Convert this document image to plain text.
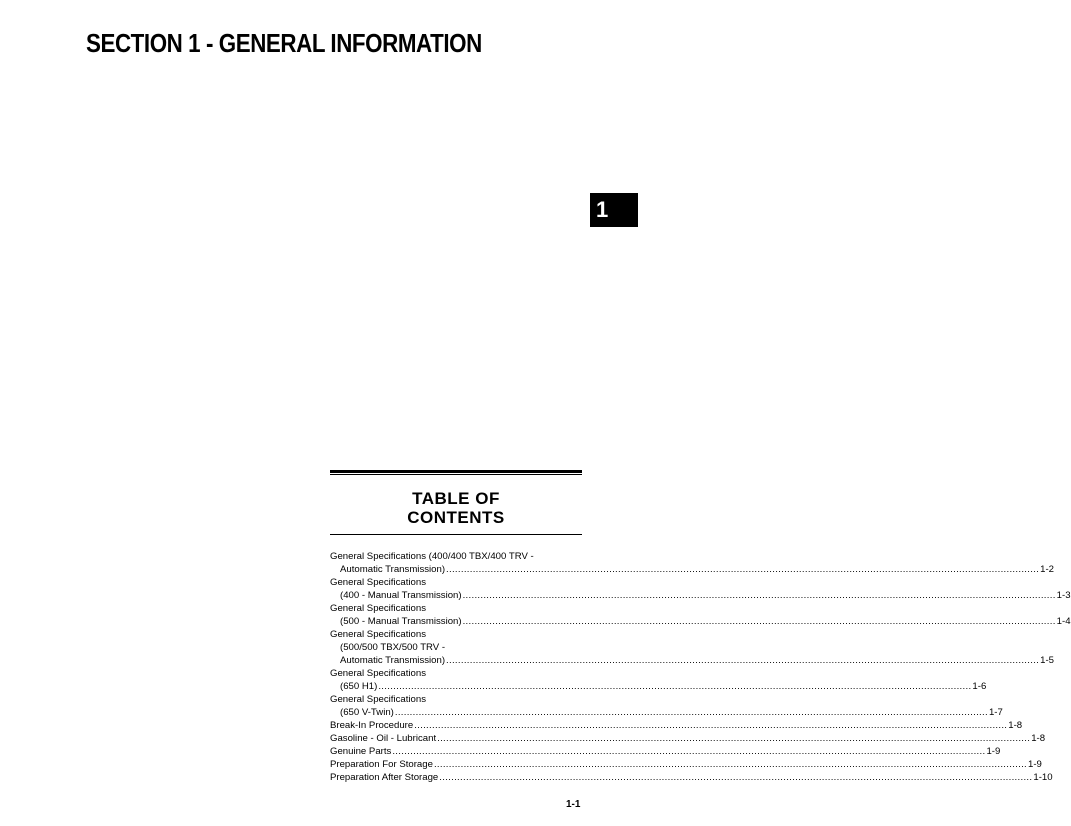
SECTION 1 - GENERAL INFORMATION
1
TABLE OF
CONTENTS
General Specifications (400/400 TBX/400 TRV -
Automatic Transmission) ........................................................................................................................................................................................................ 1-2
General Specifications
(400 - Manual Transmission) ........................................................................................................................................................................................................ 1-3
General Specifications
(500 - Manual Transmission) ........................................................................................................................................................................................................ 1-4
General Specifications
(500/500 TBX/500 TRV -
Automatic Transmission) ........................................................................................................................................................................................................ 1-5
General Specifications
(650 H1) ........................................................................................................................................................................................................ 1-6
General Specifications
(650 V-Twin) ........................................................................................................................................................................................................ 1-7
Break-In Procedure ........................................................................................................................................................................................................ 1-8
Gasoline - Oil - Lubricant ........................................................................................................................................................................................................ 1-8
Genuine Parts ........................................................................................................................................................................................................ 1-9
Preparation For Storage ........................................................................................................................................................................................................ 1-9
Preparation After Storage ........................................................................................................................................................................................................ 1-10
1-1
